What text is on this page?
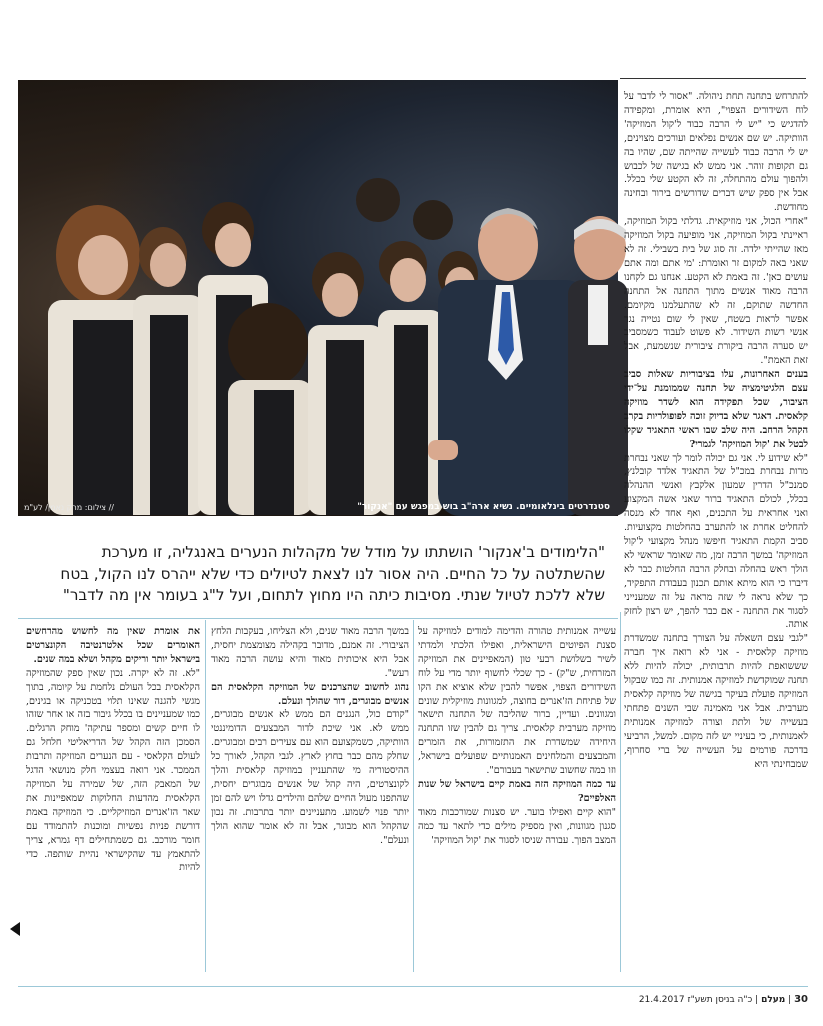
צילום: מרק נאמן/ לע"מ //	סטנדרטים בינלאומיים. נשיא ארה"ב בוש במפגש עם "אנקור"

להתרחש בתחנה תחת ניהולה. "אסור לי לדבר על לוח השידורים הצפוי", היא אומרת, ומקפידה להדגיש כי "יש לי הרבה כבוד ל'קול המוזיקה' הוותיקה. יש שם אנשים נפלאים ועורכים מצוינים, יש לי הרבה כבוד לעשייה שהייתה שם, שהיו בה גם תקופות זוהר. אני ממש לא בגישה של לכבוש ולהפוך עולם מהתחלה, זה לא הקטע שלי בכלל. אבל אין ספק שיש דברים שדורשים בירור ובחינה מחודשת.

"אחרי הכול, אני מוזיקאית. גדלתי בקול המוזיקה, ראיינתי בקול המוזיקה, אני מופיעה בקול המוזיקה מאז שהייתי ילדה. זה סוג של בית בשבילי. זה לא שאני באה למקום זר ואומרת: 'מי אתם ומה אתם עושים כאן'. זה באמת לא הקטע. אנחנו גם לקחנו הרבה מאוד אנשים מתוך התחנה אל התחנה החדשה שתוקם, זה לא שהתעלמנו מקיומם. אפשר לראות בשטח, שאין לי שום נטייה נגד אנשי רשות השידור. לא פשוט לעבוד כשמסביב יש סערה הרבה ביקורת ציבורית שנשמעת, אבל זאת האמת".

בענים האחרונות, עלו בציבוריות שאלות סביב עצם הלגיטימציה של תחנה שממומנת על־ידי הציבור, שכל תפקידה הוא לשדר מוזיקה קלאסית. דאגר שלא בדיוק זוכה לפופולריות בקרב הקהל הרחב. היה שלב שבו ראשי התאגיד שקלו לבטל את 'קול המוזיקה' לגמרי?

"לא שידוע לי. אני גם יכולה לומר לך שאני נבחרת מרות נבחרת במכ"ל של התאגיד אלדד קובלנץ, סמנכ"ל הדרין שמעון אלקבץ ואנשי ההנהלה בכלל, לכולם התאגיד ברור שאני אשה המקצוע ואני אחראית על התכנים, ואף אחד לא מנסה להחליט אחרת או להתערב בהחלטות מקצועיות. סביב הקמת התאגיד חיפשו מנהל מקצועי ל'קול המוזיקה' במשך הרבה זמן, מה שאומר שראשי לא הולך ראש בהחלה ובחלק הרבה החלטות כבר לא דיברו כי הוא מיתא אותם תכנון בעבודת התפקיד, כך שלא נראה לי שזה מראה על זה שמענייני לסגור את התחנה - אם כבר להפך, יש רצון לחזק אותה.

"לגבי עצם השאלה על הצורך בתחנה שמשדרת מוזיקה קלאסית - אני לא רואה איך חברה שששואפת להיות תרבותית, יכולה להיות ללא תחנה שמוקדשת למוזיקה אמנותית. זה כמו שבקול המוזיקה פועלת בעיקר בגישה של מוזיקה קלאסית מערבית. אבל אני מאמינה שבי השנים פתחתי בעשייה של ולתת וצורה למוזיקה אמנותית לאמנותית, כי בעיניי יש לזה מקום. למשל, הרביעי בדרכה פורמים על העשייה של ברי סחרוף, שמבחינתי היא

"הלימודים ב'אנקור' הושתתו על מודל של מקהלות הנערים באנגליה, זו מערכת שהשתלטה על כל החיים. היה אסור לנו לצאת לטיולים כדי שלא ייהרס לנו הקול, בטח שלא ללכת לטיול שנתי. מסיבות כיתה היו מחוץ לתחום, ועל ל"ג בעומר אין מה לדבר"

עשייה אמנותית טהורה והדימה למודים למוזיקה על סצנת הפיוטים הישראלית, ואפילו הלכתי ולמדתי לשיר בשלושת רבעי טון (המאפיינים את המוזיקה המזרחית, ש"ק) - כך שכלי לחשוף יותר מדי על לוח השידורים הצפוי, אפשר להבין שלא אוציא את הקו של פתיחת הז'אנרים בחוצה, למגוונות מוזיקלית שונים ומגוונים. ועדיין, ברור שהליבה של התחנה תישאר מוזיקה מערבית קלאסית. צריך גם להבין שזו התחנה היחידה שמשדרת את התזמורות, את הזמרים והמבצעים והמלחינים האמנותיים שפועלים בישראל, וזו במה שחשוב שתישאר בעבורם".

עד כמה המוזיקה הזה באמת קיים בישראל של שנות האלפיים?

"הוא קיים ואפילו בוער. יש סצנות שמורכבות מאוד סגנון מגוונות, ואין מספיק מילים כדי לתאר עד כמה המצב הפוך. עבורה שניסו לסגור את 'קול המוזיקה'

במשך הרבה מאוד שנים, ולא הצליחו, בעקבות הלחץ הציבורי. זה אמנם, מדובר בקהילה מצומצמת יחסית, אבל היא איכותית מאוד והיא עושה הרבה מאוד רעש".

נהוג לחשוב שהצרכנים של המוזיקה הקלאסית הם אנשים מבוגרים, דור שהולך ונעלם.

"קודם כול, הנגנים הם ממש לא אנשים מבוגרים, ממש לא. אני שיכת לדור המבצעים הדומיננטי הוותיקה, כשמקצועם הוא עם צעירים רבים ומבוגרים. שחלק מהם כבר בחוץ לארץ. לגבי הקהל, לאורך כל ההיסטוריה מי שהתעניין במוזיקה קלאסית והלך לקונצרטים, היה קהל של אנשים מבוגרים יחסית, שהתפנו מעול החיים שלהם והילדים גדלו ויש להם זמן יותר פנוי לשמוע. מתעניינים יותר בתרבות. זה נכון שהקהל הוא מבוגר, אבל זה לא אומר שהוא הולך ונעלם".

את אומרת שאין מה לחשוש מהרחשים האומרים שכל אלטרנטיבה הקונצרטים בישראל יותר וריקים מקהל ושלא במה שנים.

"לא. זה לא יקרה. נכון שאין ספק שהמוזיקה הקלאסית בכל העולם נלחמת על קיומה, בתוך מגשי להגנה שאינו תלוי בטכניקה או בגינים, כמו שמעניינים בו בכלל גיבור בזה או אחר שזהו לו חיים קשים ומספר עתיקה' מוחק הרגלים. הסמכן הזה הקהל של הדריאליטי חלחל גם לעולם הקלאסי - עם הנערים המוזיקה ותרבות הממכר. אני רואה בעצמי חלק מנושאי הדגל של המאבק הזה, של שמירה על המוזיקה הקלאסית מהדעות החלוקות שמאפיינות את שאר הז'אנרים המוזיקליים. כי המוזיקה באמת דורשת פניות נפשיות ומוכנות להתמודד עם חומר מורכב. גם כשמתחילים דף גמרא, צריך להתאמץ עד שהקישראי נהיית שותפה. כדי להיות

30 | מעלם | כ"ה בניסן תשע"ז 21.4.2017
